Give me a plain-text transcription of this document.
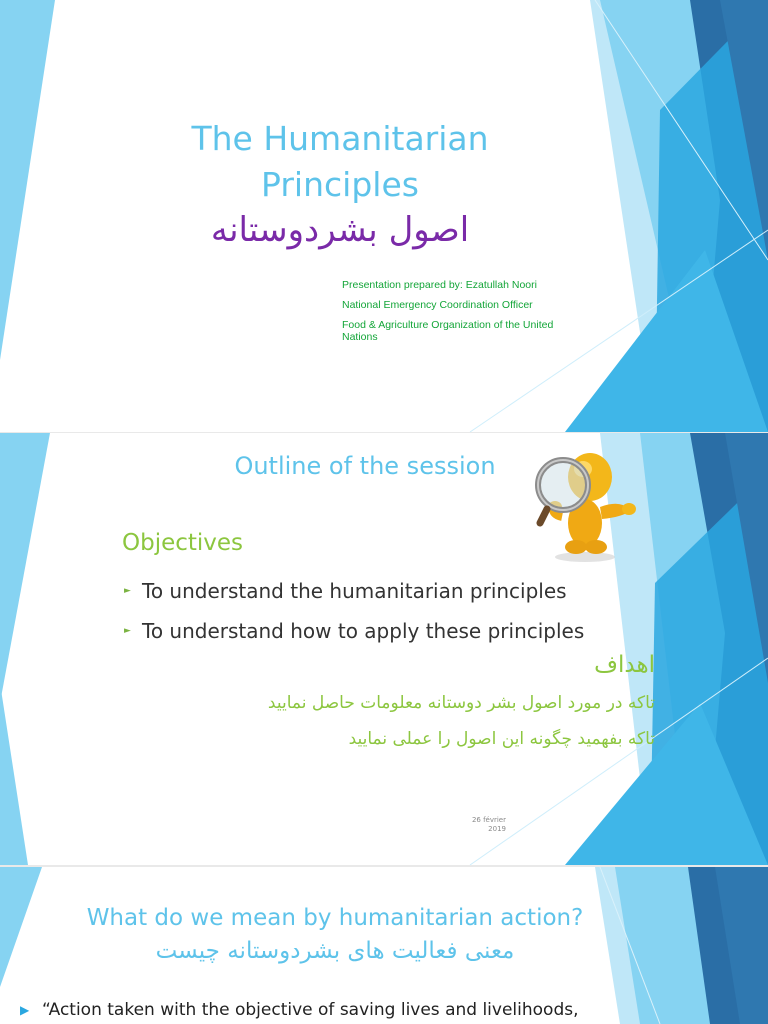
The Humanitarian Principles
اصول بشردوستانه
Presentation prepared by: Ezatullah Noori
National Emergency Coordination Officer
Food & Agriculture Organization of the United Nations
Outline of the session
Objectives
► To understand the humanitarian principles
► To understand how to apply these principles
اهداف
تاکه در مورد اصول بشر دوستانه معلومات حاصل نمایید
تاکه بفهمید چگونه این اصول را عملی نمایید
26 février
2019
What do we mean by humanitarian action?
معنی فعالیت های بشردوستانه چیست
▶ “Action taken with the objective of saving lives and livelihoods,
